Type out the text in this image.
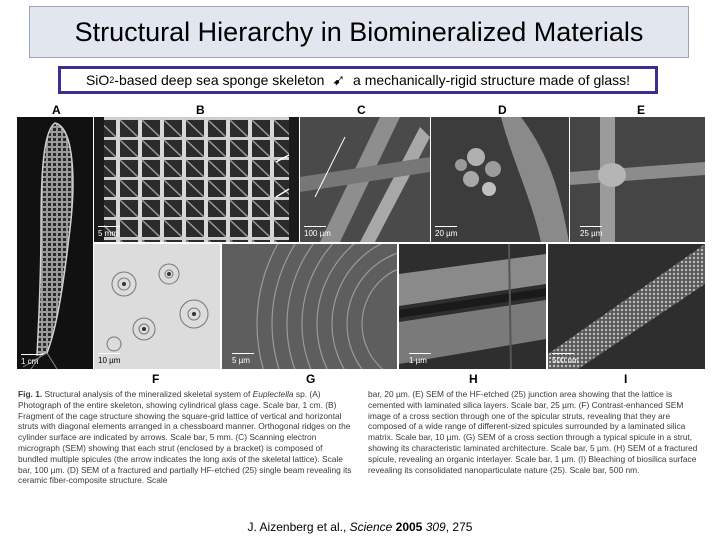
Structural Hierarchy in Biomineralized Materials
SiO 2 -based deep sea sponge skeleton ➹ a mechanically-rigid structure made of glass!
A	B	C	D	E
1 cm
5 mm	100 µm	20 µm	25 µm
10 µm	5 µm	1 µm	500 nm
F	G	H	I
Fig. 1. Structural analysis of the mineralized skeletal system of Euplectella sp. (A) Photograph of the entire skeleton, showing cylindrical glass cage. Scale bar, 1 cm. (B) Fragment of the cage structure showing the square-grid lattice of vertical and horizontal struts with diagonal elements arranged in a chessboard manner. Orthogonal ridges on the cylinder surface are indicated by arrows. Scale bar, 5 mm. (C) Scanning electron micrograph (SEM) showing that each strut (enclosed by a bracket) is composed of bundled multiple spicules (the arrow indicates the long axis of the skeletal lattice). Scale bar, 100 µm. (D) SEM of a fractured and partially HF-etched (25) single beam revealing its ceramic fiber-composite structure. Scale
bar, 20 µm. (E) SEM of the HF-etched (25) junction area showing that the lattice is cemented with laminated silica layers. Scale bar, 25 µm. (F) Contrast-enhanced SEM image of a cross section through one of the spicular struts, revealing that they are composed of a wide range of different-sized spicules surrounded by a laminated silica matrix. Scale bar, 10 µm. (G) SEM of a cross section through a typical spicule in a strut, showing its characteristic laminated architecture. Scale bar, 5 µm. (H) SEM of a fractured spicule, revealing an organic interlayer. Scale bar, 1 µm. (I) Bleaching of biosilica surface revealing its consolidated nanoparticulate nature (25). Scale bar, 500 nm.
J. Aizenberg et al., Science 2005 309, 275
